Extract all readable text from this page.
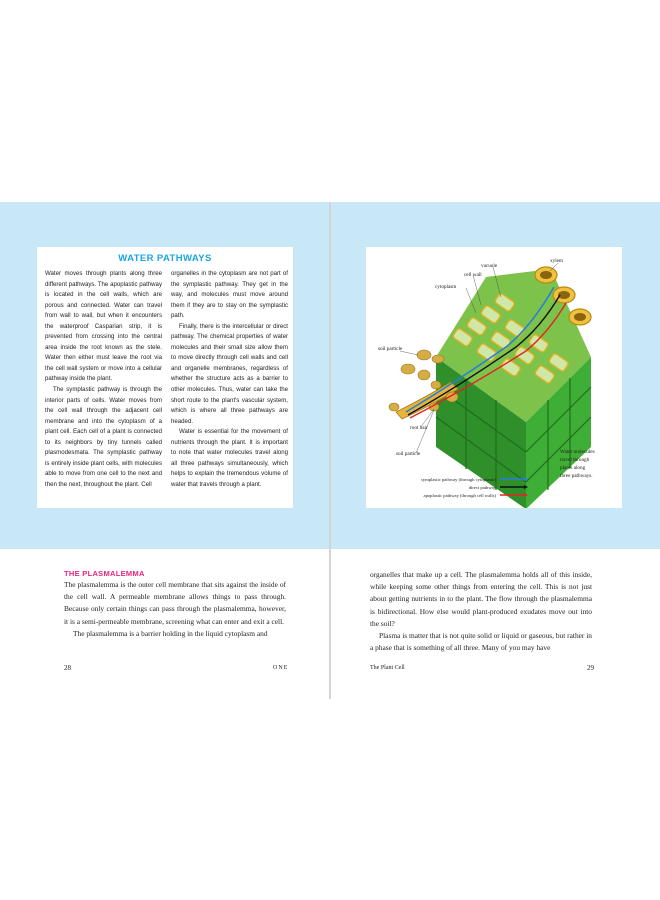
WATER PATHWAYS

Water moves through plants along three different pathways. The apoplastic pathway is located in the cell walls, which are porous and connected. Water can travel from wall to wall, but when it encounters the waterproof Casparian strip, it is prevented from crossing into the central area inside the root known as the stele. Water then either must leave the root via the cell wall system or move into a cellular pathway inside the plant.

The symplastic pathway is through the interior parts of cells. Water moves from the cell wall through the adjacent cell membrane and into the cytoplasm of a plant cell. Each cell of a plant is connected to its neighbors by tiny tunnels called plasmodesmata. The symplastic pathway is entirely inside plant cells, with molecules able to move from one cell to the next and then the next, throughout the plant. Cell

organelles in the cytoplasm are not part of the symplastic pathway. They get in the way, and molecules must move around them if they are to stay on the symplastic path.

Finally, there is the intercellular or direct pathway. The chemical properties of water molecules and their small size allow them to move directly through cell walls and cell and organelle membranes, regardless of whether the structure acts as a barrier to other molecules. Thus, water can take the short route to the plant's vascular system, which is where all three pathways are headed.

Water is essential for the movement of nutrients through the plant. It is important to note that water molecules travel along all three pathways simultaneously, which helps to explain the tremendous volume of water that travels through a plant.

THE PLASMALEMMA

The plasmalemma is the outer cell membrane that sits against the inside of the cell wall. A permeable membrane allows things to pass through. Because only certain things can pass through the plasmalemma, however, it is a semi-permeable membrane, screening what can enter and exit a cell.

The plasmalemma is a barrier holding in the liquid cytoplasm and

28	ONE
vacuole
xylem
cell wall
cytoplasm
soil particle
root hair
soil particle	Water molecules
travel through
plants along
three pathways.
symplastic pathway (through cytoplasm)
direct pathway
apoplastic pathway (through cell walls)

organelles that make up a cell. The plasmalemma holds all of this inside, while keeping some other things from entering the cell. This is not just about getting nutrients in to the plant. The flow through the plasmalemma is bidirectional. How else would plant-produced exudates move out into the soil?

Plasma is matter that is not quite solid or liquid or gaseous, but rather in a phase that is something of all three. Many of you may have

The Plant Cell	29
